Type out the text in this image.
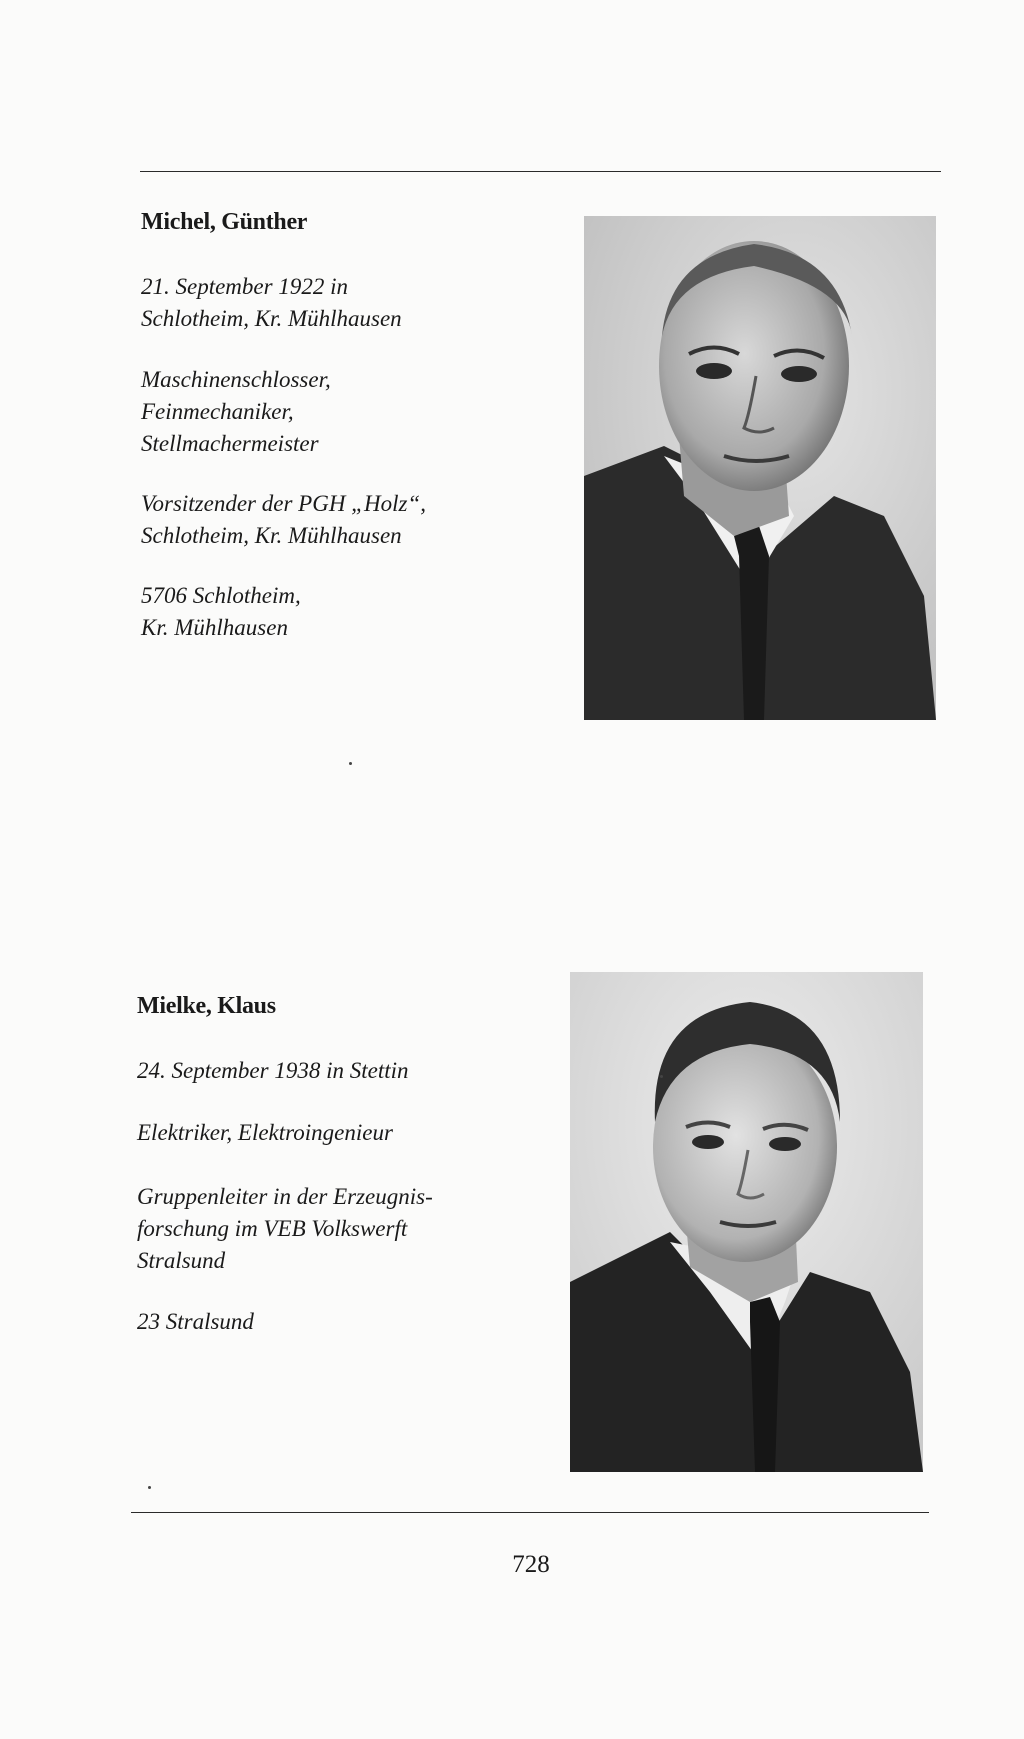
Michel, Günther

21. September 1922 in
Schlotheim, Kr. Mühlhausen

Maschinenschlosser,
Feinmechaniker,
Stellmachermeister

Vorsitzender der PGH „Holz“,
Schlotheim, Kr. Mühlhausen

5706 Schlotheim,
Kr. Mühlhausen

Mielke, Klaus

24. September 1938 in Stettin

Elektriker, Elektroingenieur

Gruppenleiter in der Erzeugnis-
forschung im VEB Volkswerft
Stralsund

23 Stralsund

728
